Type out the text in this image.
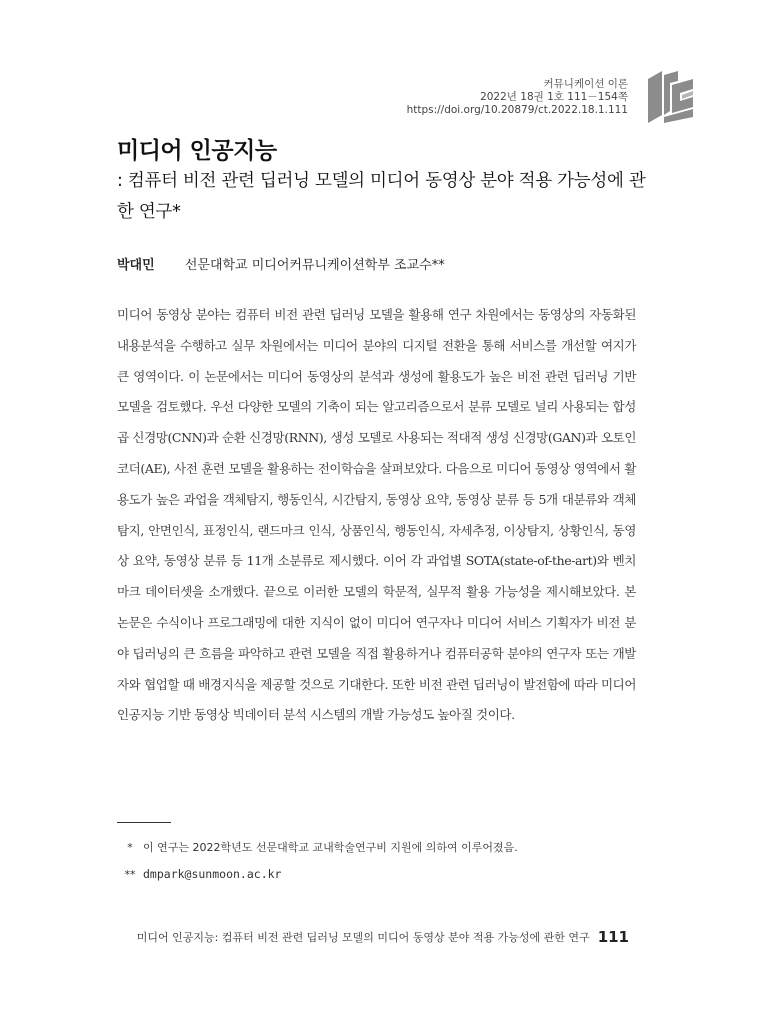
커뮤니케이션 이론
2022년 18권 1호 111－154쪽
https://doi.org/10.20879/ct.2022.18.1.111
미디어 인공지능

: 컴퓨터 비전 관련 딥러닝 모델의 미디어 동영상 분야 적용 가능성에 관한 연구*

박대민 선문대학교 미디어커뮤니케이션학부 조교수**

미디어 동영상 분야는 컴퓨터 비전 관련 딥러닝 모델을 활용해 연구 차원에서는 동영상의 자동화된 내용분석을 수행하고 실무 차원에서는 미디어 분야의 디지털 전환을 통해 서비스를 개선할 여지가 큰 영역이다. 이 논문에서는 미디어 동영상의 분석과 생성에 활용도가 높은 비전 관련 딥러닝 기반 모델을 검토했다. 우선 다양한 모델의 기축이 되는 알고리즘으로서 분류 모델로 널리 사용되는 합성곱 신경망(CNN)과 순환 신경망(RNN), 생성 모델로 사용되는 적대적 생성 신경망(GAN)과 오토인코더(AE), 사전 훈련 모델을 활용하는 전이학습을 살펴보았다. 다음으로 미디어 동영상 영역에서 활용도가 높은 과업을 객체탐지, 행동인식, 시간탐지, 동영상 요약, 동영상 분류 등 5개 대분류와 객체탐지, 안면인식, 표정인식, 랜드마크 인식, 상품인식, 행동인식, 자세추정, 이상탐지, 상황인식, 동영상 요약, 동영상 분류 등 11개 소분류로 제시했다. 이어 각 과업별 SOTA(state-of-the-art)와 벤치마크 데이터셋을 소개했다. 끝으로 이러한 모델의 학문적, 실무적 활용 가능성을 제시해보았다. 본 논문은 수식이나 프로그래밍에 대한 지식이 없이 미디어 연구자나 미디어 서비스 기획자가 비전 분야 딥러닝의 큰 흐름을 파악하고 관련 모델을 직접 활용하거나 컴퓨터공학 분야의 연구자 또는 개발자와 협업할 때 배경지식을 제공할 것으로 기대한다. 또한 비전 관련 딥러닝이 발전함에 따라 미디어 인공지능 기반 동영상 빅데이터 분석 시스템의 개발 가능성도 높아질 것이다.

* 이 연구는 2022학년도 선문대학교 교내학술연구비 지원에 의하여 이루어졌음.
** dmpark@sunmoon.ac.kr
미디어 인공지능: 컴퓨터 비전 관련 딥러닝 모델의 미디어 동영상 분야 적용 가능성에 관한 연구 111
